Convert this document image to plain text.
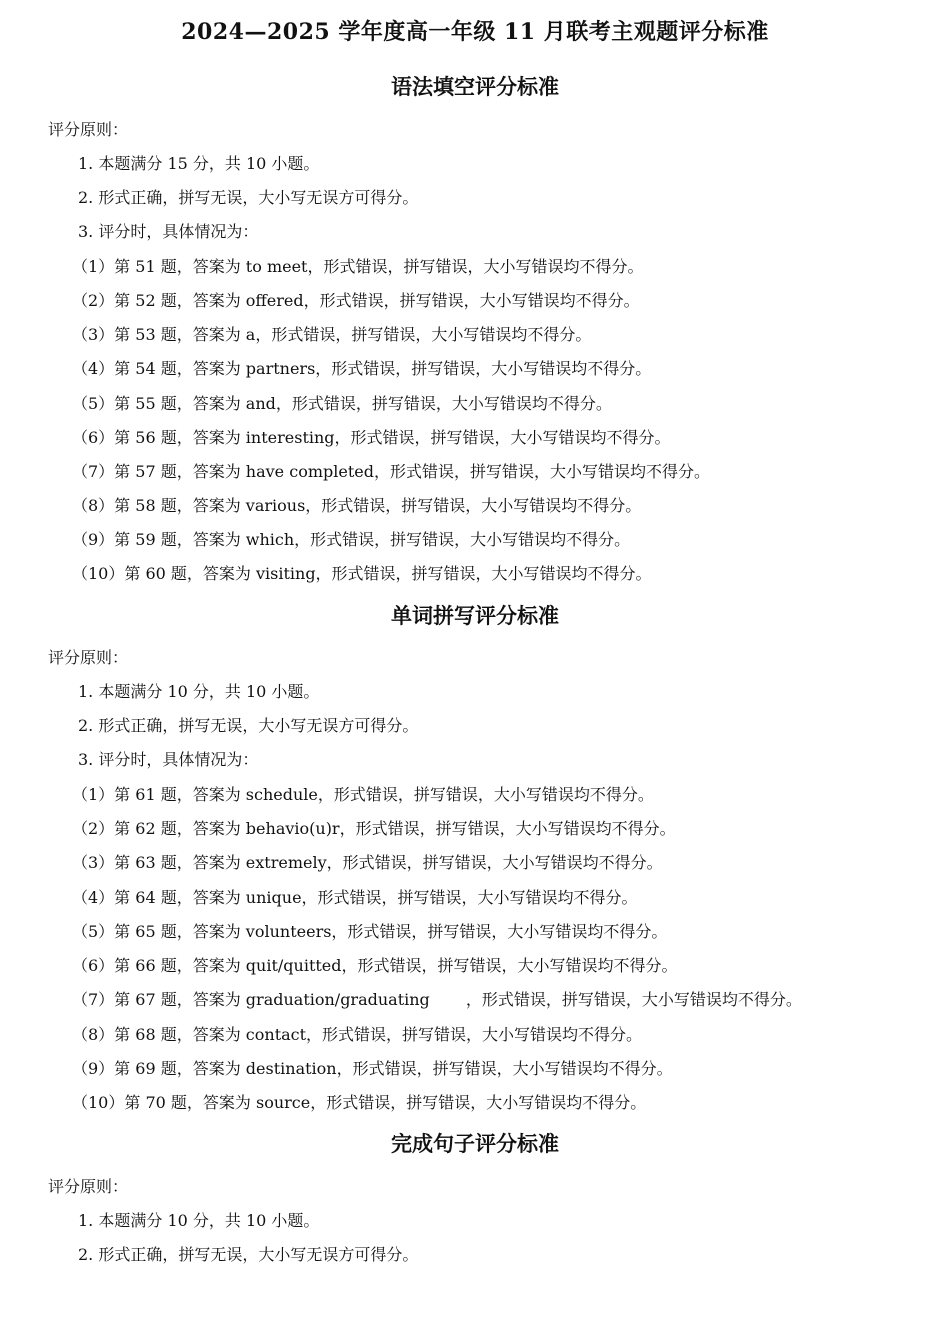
2024—2025 学年度高一年级 11 月联考主观题评分标准
语法填空评分标准
评分原则：
1. 本题满分 15 分，共 10 小题。
2. 形式正确，拼写无误，大小写无误方可得分。
3. 评分时，具体情况为：
（1）第 51 题，答案为 to meet，形式错误，拼写错误，大小写错误均不得分。
（2）第 52 题，答案为 offered，形式错误，拼写错误，大小写错误均不得分。
（3）第 53 题，答案为 a，形式错误，拼写错误，大小写错误均不得分。
（4）第 54 题，答案为 partners，形式错误，拼写错误，大小写错误均不得分。
（5）第 55 题，答案为 and，形式错误，拼写错误，大小写错误均不得分。
（6）第 56 题，答案为 interesting，形式错误，拼写错误，大小写错误均不得分。
（7）第 57 题，答案为 have completed，形式错误，拼写错误，大小写错误均不得分。
（8）第 58 题，答案为 various，形式错误，拼写错误，大小写错误均不得分。
（9）第 59 题，答案为 which，形式错误，拼写错误，大小写错误均不得分。
（10）第 60 题，答案为 visiting，形式错误，拼写错误，大小写错误均不得分。
单词拼写评分标准
评分原则：
1. 本题满分 10 分，共 10 小题。
2. 形式正确，拼写无误，大小写无误方可得分。
3. 评分时，具体情况为：
（1）第 61 题，答案为 schedule，形式错误，拼写错误，大小写错误均不得分。
（2）第 62 题，答案为 behavio(u)r，形式错误，拼写错误，大小写错误均不得分。
（3）第 63 题，答案为 extremely，形式错误，拼写错误，大小写错误均不得分。
（4）第 64 题，答案为 unique，形式错误，拼写错误，大小写错误均不得分。
（5）第 65 题，答案为 volunteers，形式错误，拼写错误，大小写错误均不得分。
（6）第 66 题，答案为 quit/quitted，形式错误，拼写错误，大小写错误均不得分。
（7）第 67 题，答案为 graduation/graduating ，形式错误，拼写错误，大小写错误均不得分。
（8）第 68 题，答案为 contact，形式错误，拼写错误，大小写错误均不得分。
（9）第 69 题，答案为 destination，形式错误，拼写错误，大小写错误均不得分。
（10）第 70 题，答案为 source，形式错误，拼写错误，大小写错误均不得分。
完成句子评分标准
评分原则：
1. 本题满分 10 分，共 10 小题。
2. 形式正确，拼写无误，大小写无误方可得分。
